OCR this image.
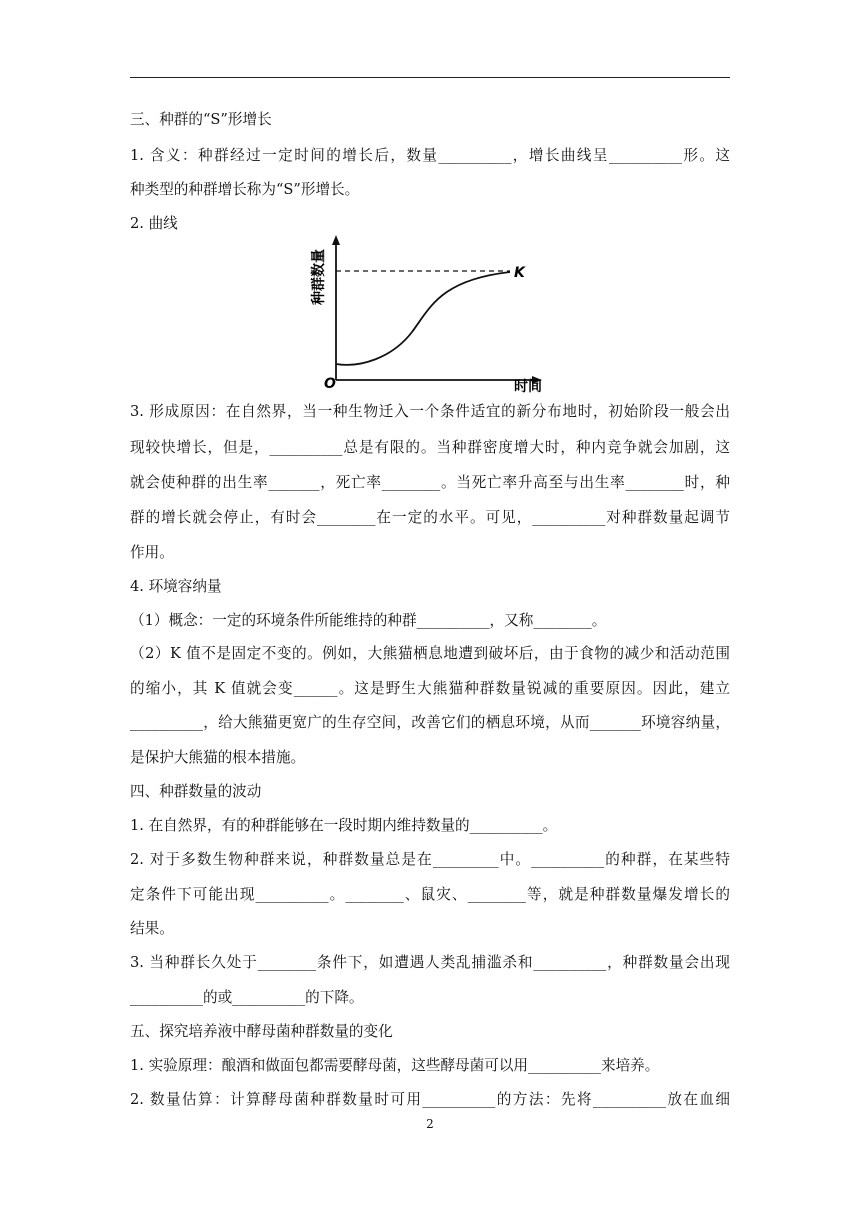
三、种群的“S”形增长
1. 含义：种群经过一定时间的增长后，数量__________，增长曲线呈__________形。这
种类型的种群增长称为“S”形增长。
2. 曲线
种群数量
时间
O
K
3. 形成原因：在自然界，当一种生物迁入一个条件适宜的新分布地时，初始阶段一般会出
现较快增长，但是，__________总是有限的。当种群密度增大时，种内竞争就会加剧，这
就会使种群的出生率_______，死亡率________。当死亡率升高至与出生率________时，种
群的增长就会停止，有时会________在一定的水平。可见，__________对种群数量起调节
作用。
4. 环境容纳量
（1）概念：一定的环境条件所能维持的种群__________，又称________。
（2）K 值不是固定不变的。例如，大熊猫栖息地遭到破坏后，由于食物的减少和活动范围
的缩小，其 K 值就会变______。这是野生大熊猫种群数量锐减的重要原因。因此，建立
__________，给大熊猫更宽广的生存空间，改善它们的栖息环境，从而_______环境容纳量，
是保护大熊猫的根本措施。
四、种群数量的波动
1. 在自然界，有的种群能够在一段时期内维持数量的__________。
2. 对于多数生物种群来说，种群数量总是在_________中。__________的种群，在某些特
定条件下可能出现__________。________、鼠灾、________等，就是种群数量爆发增长的
结果。
3. 当种群长久处于________条件下，如遭遇人类乱捕滥杀和__________，种群数量会出现
__________的或__________的下降。
五、探究培养液中酵母菌种群数量的变化
1. 实验原理：酿酒和做面包都需要酵母菌，这些酵母菌可以用__________来培养。
2. 数量估算：计算酵母菌种群数量时可用__________的方法：先将__________放在血细
2
